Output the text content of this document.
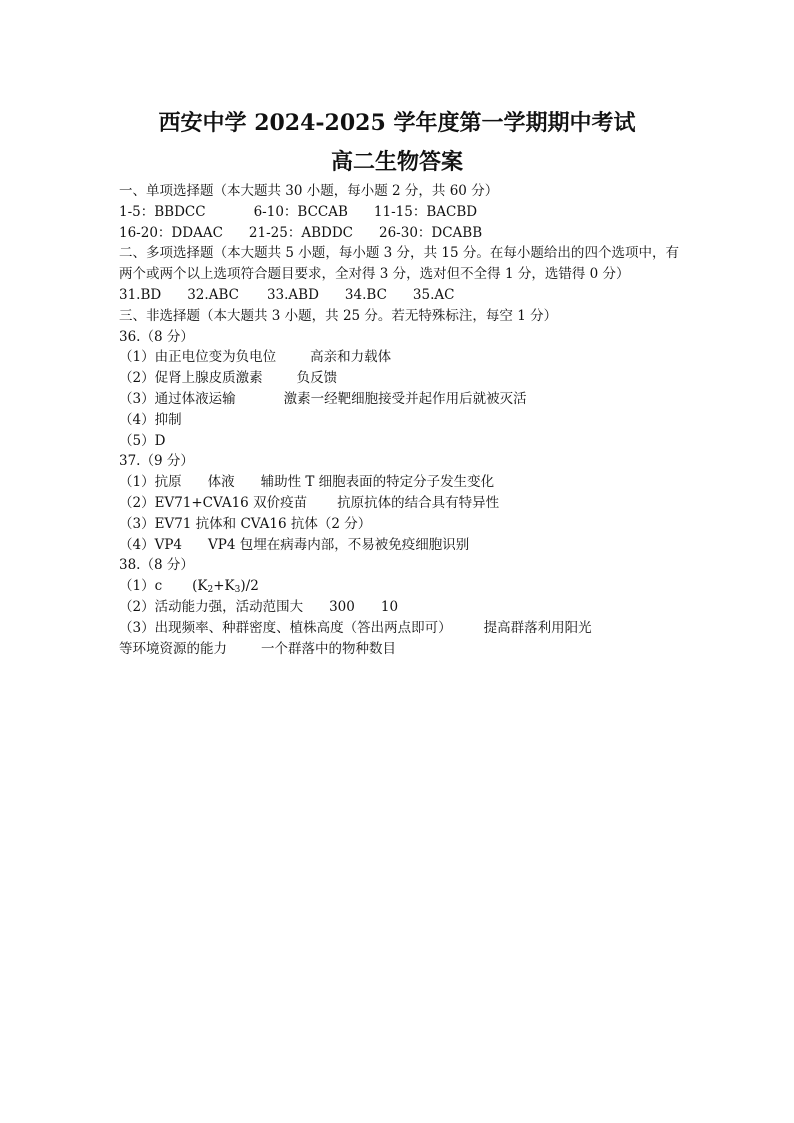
西安中学 2024-2025 学年度第一学期期中考试
高二生物答案
一、单项选择题（本大题共 30 小题，每小题 2 分，共 60 分）
1-5：BBDCC	6-10：BCCAB 11-15：BACBD
16-20：DDAAC 21-25：ABDDC 26-30：DCABB
二、多项选择题（本大题共 5 小题，每小题 3 分，共 15 分。在每小题给出的四个选项中，有两个或两个以上选项符合题目要求，全对得 3 分，选对但不全得 1 分，选错得 0 分）
31.BD 32.ABC 33.ABD 34.BC 35.AC
三、非选择题（本大题共 3 小题，共 25 分。若无特殊标注，每空 1 分）
36.（8 分）
（1）由正电位变为负电位	高亲和力载体
（2）促肾上腺皮质激素	负反馈
（3）通过体液运输	激素一经靶细胞接受并起作用后就被灭活
（4）抑制
（5）D
37.（9 分）
（1）抗原 体液 辅助性 T 细胞表面的特定分子发生变化
（2）EV71+CVA16 双价疫苗 抗原抗体的结合具有特异性
（3）EV71 抗体和 CVA16 抗体（2 分）
（4）VP4 VP4 包埋在病毒内部，不易被免疫细胞识别
38.（8 分）
（1）c $(K_2+K_3)/2$
（2）活动能力强，活动范围大 300 10
（3）出现频率、种群密度、植株高度（答出两点即可） 提高群落利用阳光
等环境资源的能力	一个群落中的物种数目
